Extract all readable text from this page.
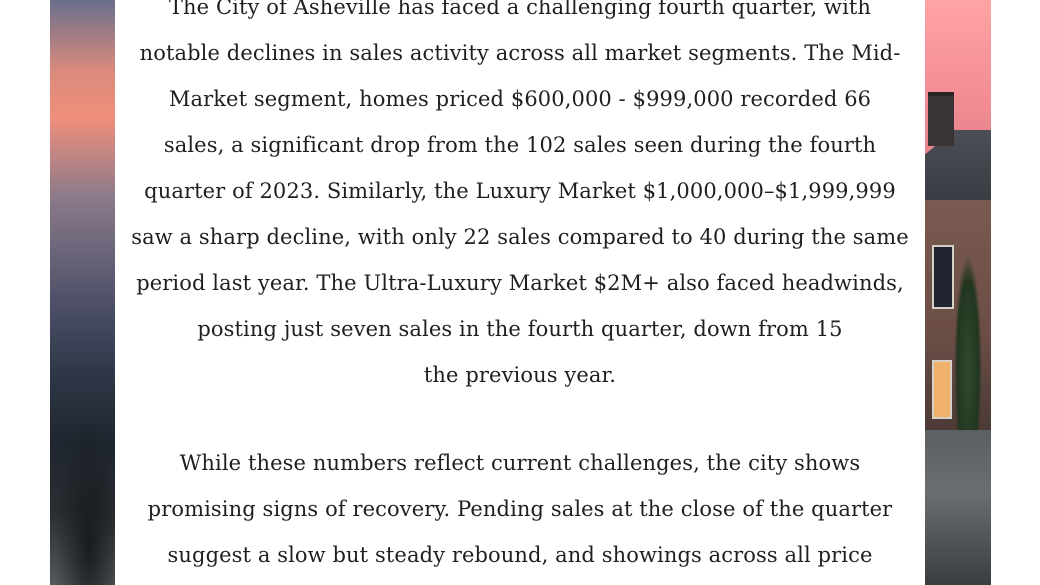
The City of Asheville has faced a challenging fourth quarter, with
notable declines in sales activity across all market segments. The Mid-
Market segment, homes priced $600,000 - $999,000 recorded 66
sales, a significant drop from the 102 sales seen during the fourth
quarter of 2023. Similarly, the Luxury Market $1,000,000–$1,999,999
saw a sharp decline, with only 22 sales compared to 40 during the same
period last year. The Ultra-Luxury Market $2M+ also faced headwinds,
posting just seven sales in the fourth quarter, down from 15
the previous year.

While these numbers reflect current challenges, the city shows
promising signs of recovery. Pending sales at the close of the quarter
suggest a slow but steady rebound, and showings across all price
